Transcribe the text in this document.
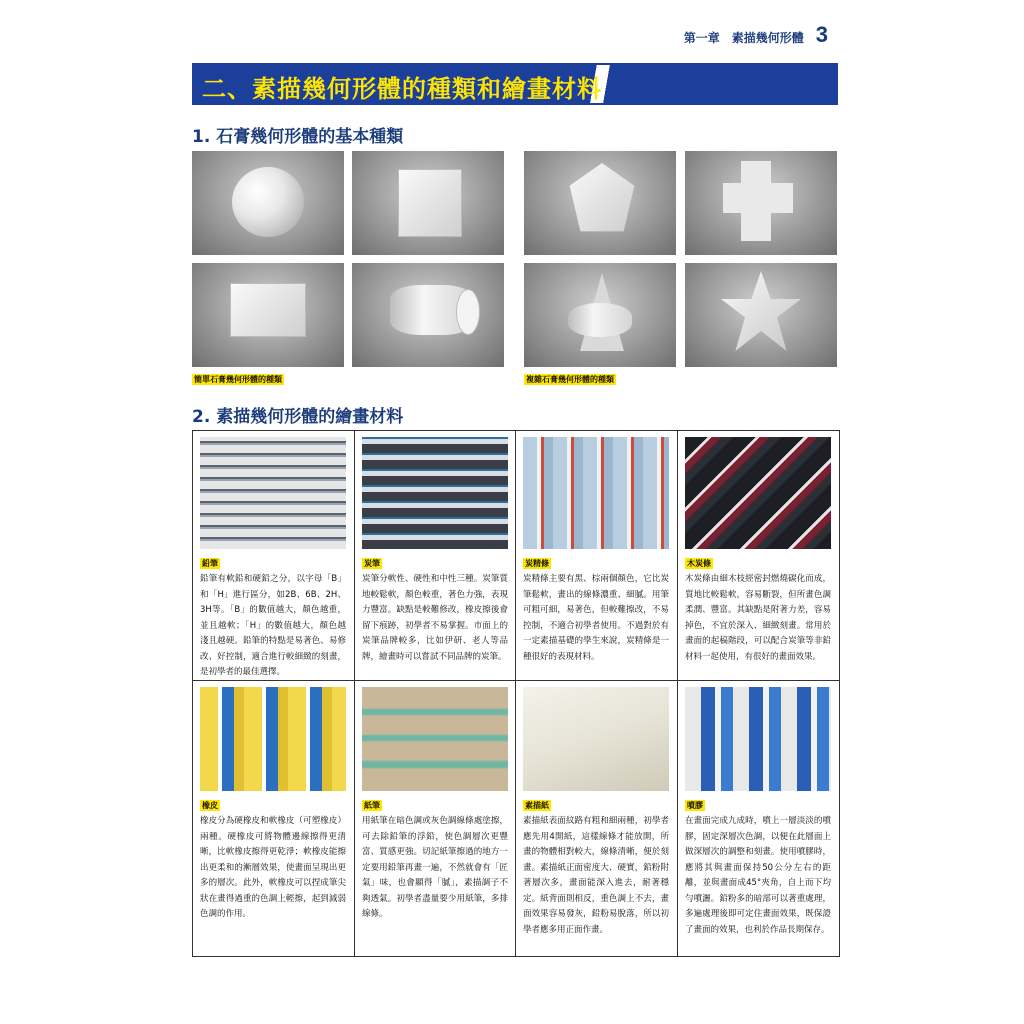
第一章　素描幾何形體 3
二、素描幾何形體的種類和繪畫材料
1. 石膏幾何形體的基本種類
簡單石膏幾何形體的種類	複雜石膏幾何形體的種類
2. 素描幾何形體的繪畫材料
鉛筆
鉛筆有軟鉛和硬鉛之分，以字母「B」和「H」進行區分，如2B、6B、2H、3H等。「B」的數值越大，顏色越重，並且越軟；「H」的數值越大，顏色越淺且越硬。鉛筆的特點是易著色、易修改、好控制，適合進行較細緻的刻畫，是初學者的最佳選擇。
炭筆
炭筆分軟性、硬性和中性三種。炭筆質地較鬆軟，顏色較重，著色力強，表現力豐富。缺點是較難修改，橡皮擦後會留下痕跡，初學者不易掌握。市面上的炭筆品牌較多，比如伊研、老人等品牌，繪畫時可以嘗試不同品牌的炭筆。
炭精條
炭精條主要有黑、棕兩個顏色，它比炭筆鬆軟，畫出的線條濃重、細膩。用筆可粗可細，易著色，但較難擦改，不易控制，不適合初學者使用。不過對於有一定素描基礎的學生來說，炭精條是一種很好的表現材料。
木炭條
木炭條由細木枝經密封燃燒碳化而成，質地比較鬆軟，容易斷裂，但所畫色調柔潤、豐富。其缺點是附著力差，容易掉色，不宜於深入、細緻刻畫。常用於畫面的起稿階段，可以配合炭筆等非鉛材料一起使用，有很好的畫面效果。
橡皮
橡皮分為硬橡皮和軟橡皮（可塑橡皮）兩種。硬橡皮可將物體邊線擦得更清晰，比軟橡皮擦得更乾淨；軟橡皮能擦出更柔和的漸層效果，使畫面呈現出更多的層次。此外，軟橡皮可以捏成筆尖狀在畫得過重的色調上輕擦，起到減弱色調的作用。
紙筆
用紙筆在暗色調或灰色調線條處塗擦，可去除鉛筆的浮鉛，使色調層次更豐富、質感更強。切記紙筆擦過的地方一定要用鉛筆再畫一遍，不然就會有「匠氣」味，也會顯得「膩」，素描調子不夠透氣。初學者盡量要少用紙筆，多排線條。
素描紙
素描紙表面紋路有粗和細兩種，初學者應先用4開紙，這樣線條才能放開，所畫的物體相對較大，線條清晰，便於刻畫。素描紙正面密度大、硬實，鉛粉附著層次多，畫面能深入進去，耐著穩定。紙背面則相反，重色調上不去，畫面效果容易發灰，鉛粉易脫落，所以初學者應多用正面作畫。
噴膠
在畫面完成九成時，噴上一層淡淡的噴膠，固定深層次色調，以便在此層面上做深層次的調整和刻畫。使用噴膠時，應將其與畫面保持50公分左右的距離，並與畫面成45°夾角，自上而下均勻噴灑。鉛粉多的暗部可以著重處理，多遍處理後即可定住畫面效果，既保證了畫面的效果，也利於作品長期保存。
